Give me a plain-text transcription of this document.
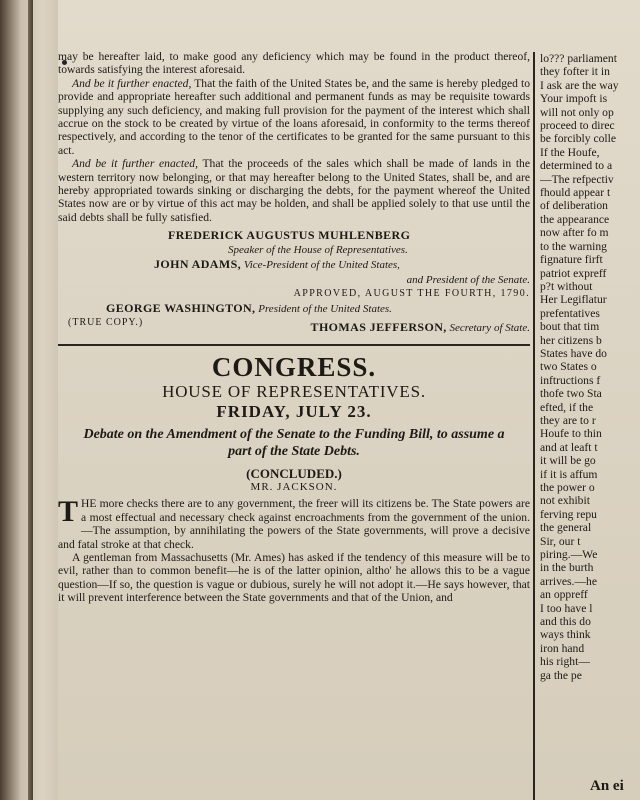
may be hereafter laid, to make good any deficiency which may be found in the product thereof, towards satisfying the interest aforesaid.

And be it further enacted, That the faith of the United States be, and the same is hereby pledged to provide and appropriate hereafter such additional and permanent funds as may be requisite towards supplying any such deficiency, and making full provision for the payment of the interest which shall accrue on the stock to be created by virtue of the loans aforesaid, in conformity to the terms thereof respectively, and according to the tenor of the certificates to be granted for the same pursuant to this act.

And be it further enacted, That the proceeds of the sales which shall be made of lands in the western territory now belonging, or that may hereafter belong to the United States, shall be, and are hereby appropriated towards sinking or discharging the debts, for the payment whereof the United States now are or by virtue of this act may be holden, and shall be applied solely to that use until the said debts shall be fully satisfied.

FREDERICK AUGUSTUS MUHLENBERG
Speaker of the House of Representatives.
JOHN ADAMS, Vice-President of the United States,
and President of the Senate.
APPROVED, AUGUST THE FOURTH, 1790.
GEORGE WASHINGTON, President of the United States.
(TRUE COPY.)	THOMAS JEFFERSON, Secretary of State.
CONGRESS.
HOUSE OF REPRESENTATIVES.
FRIDAY, JULY 23.
Debate on the Amendment of the Senate to the Funding Bill, to assume a part of the State Debts.
(CONCLUDED.)
MR. JACKSON.

THE more checks there are to any government, the freer will its citizens be. The State powers are a most effectual and necessary check against encroachments from the government of the union.—The assumption, by annihilating the powers of the State governments, will prove a decisive and fatal stroke at that check.

A gentleman from Massachusetts (Mr. Ames) has asked if the tendency of this measure will be to evil, rather than to common benefit—he is of the latter opinion, altho' he allows this to be a vague question—If so, the question is vague or dubious, surely he will not adopt it.—He says however, that it will prevent interference between the State governments and that of the Union, and

lo??? parliament
they fofter it in
I ask are the way
Your impoft is
will not only op
proceed to direc
be forcibly colle
If the Houfe,
determined to a
—The refpectiv
fhould appear t
of deliberation
the appearance
now after fo m
to the warning
fignature firft
patriot expreff
p?t without
Her Legiflatur
prefentatives
bout that tim
her citizens b
States have do
two States o
inftructions f
thofe two Sta
efted, if the
they are to r
Houfe to thin
and at leaft t
it will be go
if it is affum
the power o
not exhibit
ferving repu
the general
Sir, our t
piring.—We
in the burth
arrives.—he
an oppreff
I too have l
and this do
ways think
iron hand
his right—
ga the pe
An ei
